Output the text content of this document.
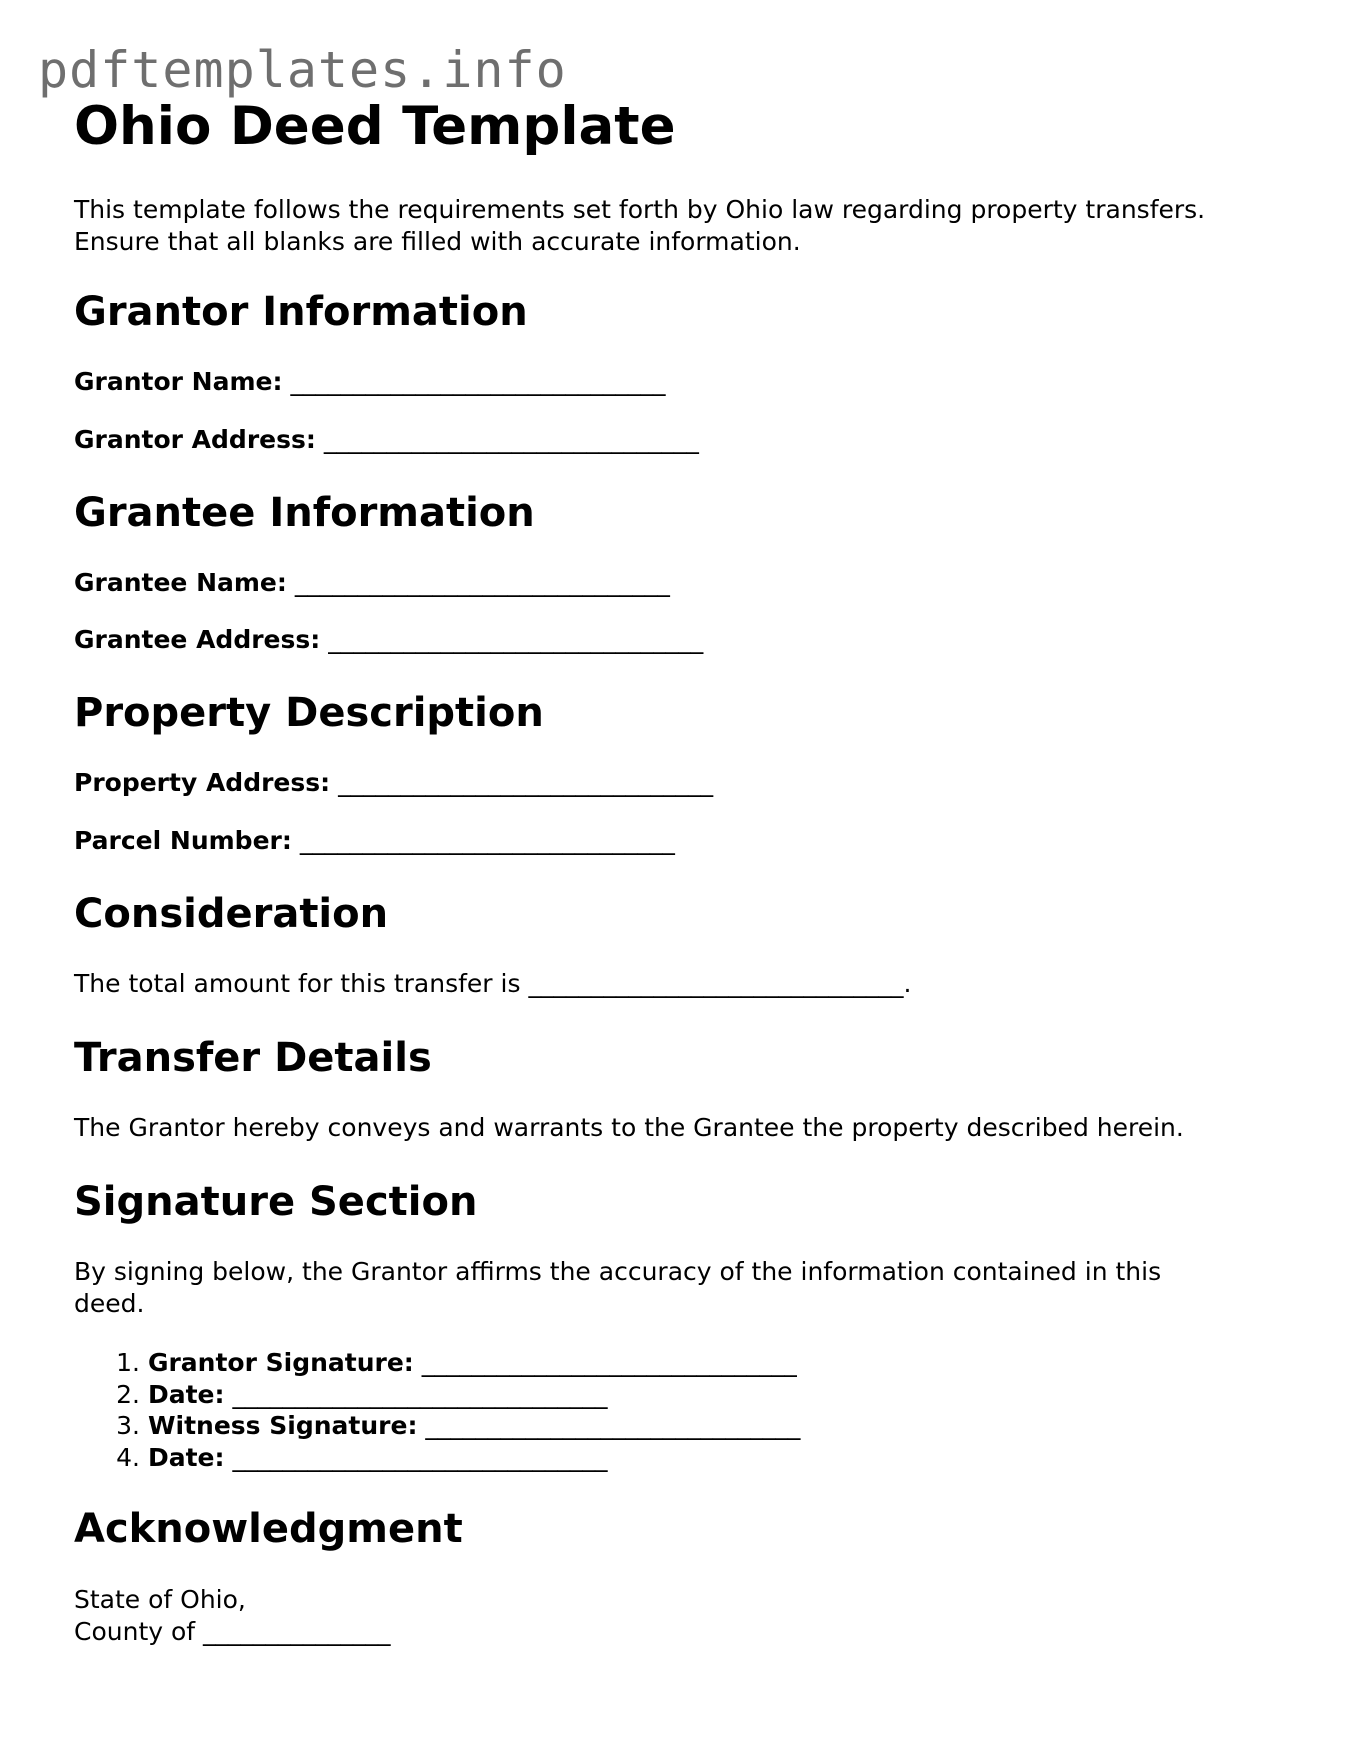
pdftemplates.info
Ohio Deed Template

This template follows the requirements set forth by Ohio law regarding property transfers.
Ensure that all blanks are filled with accurate information.

Grantor Information

Grantor Name: ______________________________

Grantor Address: ______________________________

Grantee Information

Grantee Name: ______________________________

Grantee Address: ______________________________

Property Description

Property Address: ______________________________

Parcel Number: ______________________________

Consideration

The total amount for this transfer is ______________________________.

Transfer Details

The Grantor hereby conveys and warrants to the Grantee the property described herein.

Signature Section

By signing below, the Grantor affirms the accuracy of the information contained in this
deed.

1. Grantor Signature: ______________________________
2. Date: ______________________________
3. Witness Signature: ______________________________
4. Date: ______________________________
Acknowledgment

State of Ohio,

County of _______________
